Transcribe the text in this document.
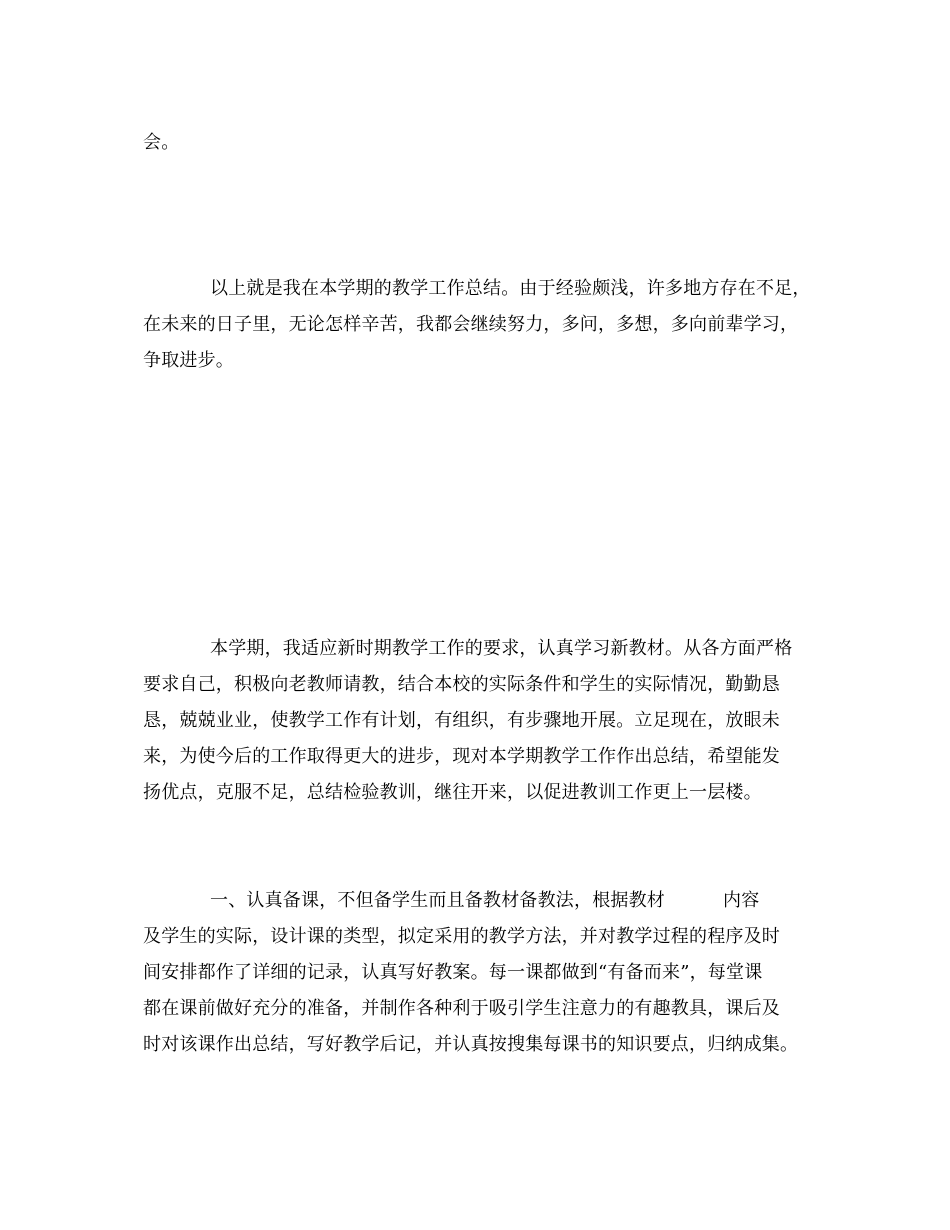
会。
以上就是我在本学期的教学工作总结。由于经验颇浅，许多地方存在不足，
在未来的日子里，无论怎样辛苦，我都会继续努力，多问，多想，多向前辈学习，
争取进步。
本学期，我适应新时期教学工作的要求，认真学习新教材。从各方面严格
要求自己，积极向老教师请教，结合本校的实际条件和学生的实际情况，勤勤恳
恳，兢兢业业，使教学工作有计划，有组织，有步骤地开展。立足现在，放眼未
来，为使今后的工作取得更大的进步，现对本学期教学工作作出总结，希望能发
扬优点，克服不足，总结检验教训，继往开来，以促进教训工作更上一层楼。
一、认真备课，不但备学生而且备教材备教法，根据教材	内容
及学生的实际，设计课的类型，拟定采用的教学方法，并对教学过程的程序及时
间安排都作了详细的记录，认真写好教案。每一课都做到“有备而来”，每堂课
都在课前做好充分的准备，并制作各种利于吸引学生注意力的有趣教具，课后及
时对该课作出总结，写好教学后记，并认真按搜集每课书的知识要点，归纳成集。
